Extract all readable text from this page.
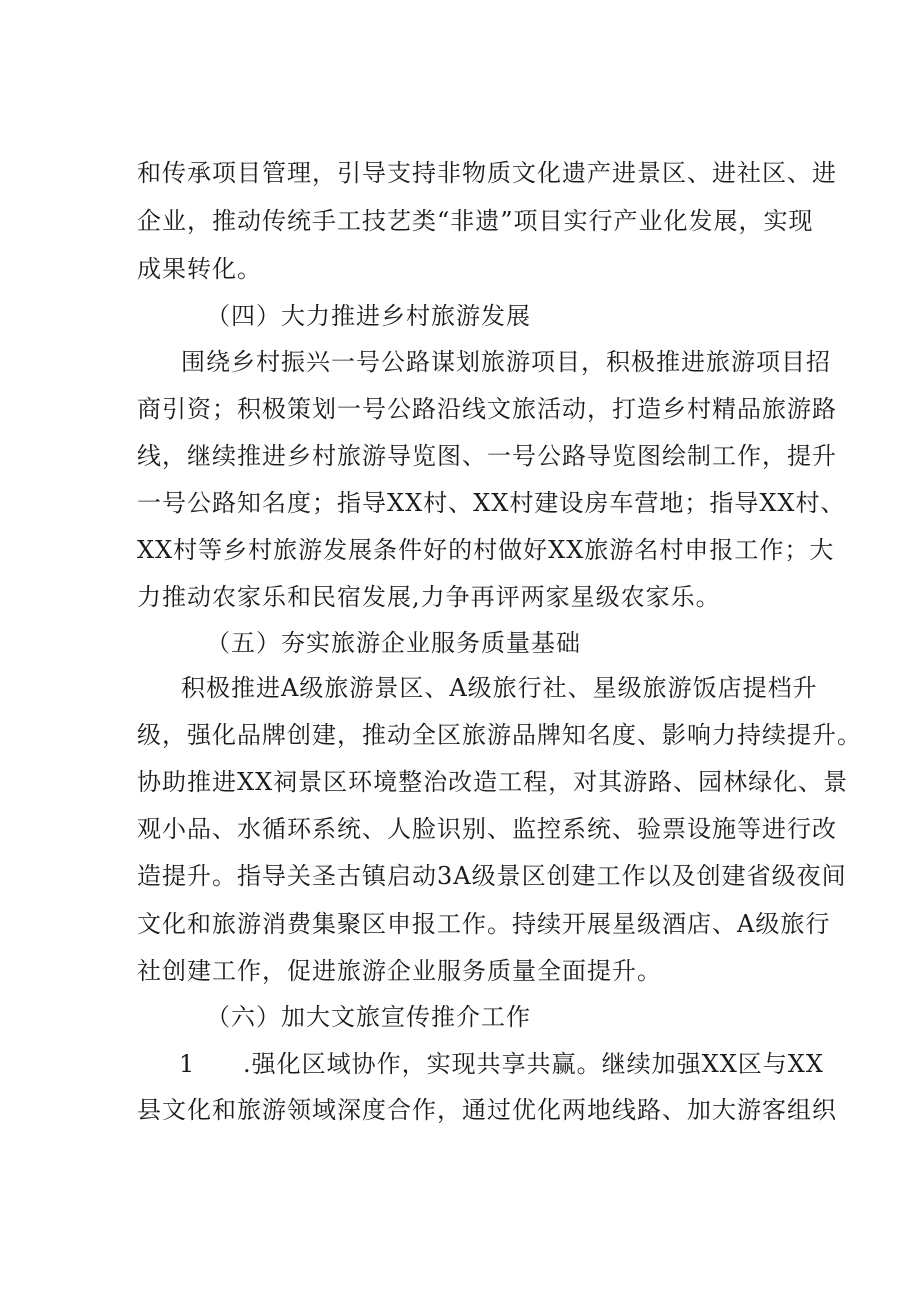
和传承项目管理，引导支持非物质文化遗产进景区、进社区、进
企业，推动传统手工技艺类“非遗”项目实行产业化发展，实现
成果转化。
（四）大力推进乡村旅游发展
围绕乡村振兴一号公路谋划旅游项目，积极推进旅游项目招
商引资；积极策划一号公路沿线文旅活动，打造乡村精品旅游路
线，继续推进乡村旅游导览图、一号公路导览图绘制工作，提升
一号公路知名度；指导XX村、XX村建设房车营地；指导XX村、
XX村等乡村旅游发展条件好的村做好XX旅游名村申报工作；大
力推动农家乐和民宿发展,力争再评两家星级农家乐。
（五）夯实旅游企业服务质量基础
积极推进A级旅游景区、A级旅行社、星级旅游饭店提档升
级，强化品牌创建，推动全区旅游品牌知名度、影响力持续提升。
协助推进XX祠景区环境整治改造工程，对其游路、园林绿化、景
观小品、水循环系统、人脸识别、监控系统、验票设施等进行改
造提升。指导关圣古镇启动3A级景区创建工作以及创建省级夜间
文化和旅游消费集聚区申报工作。持续开展星级酒店、A级旅行
社创建工作，促进旅游企业服务质量全面提升。
（六）加大文旅宣传推介工作
1 .强化区域协作，实现共享共赢。继续加强XX区与XX
县文化和旅游领域深度合作，通过优化两地线路、加大游客组织
